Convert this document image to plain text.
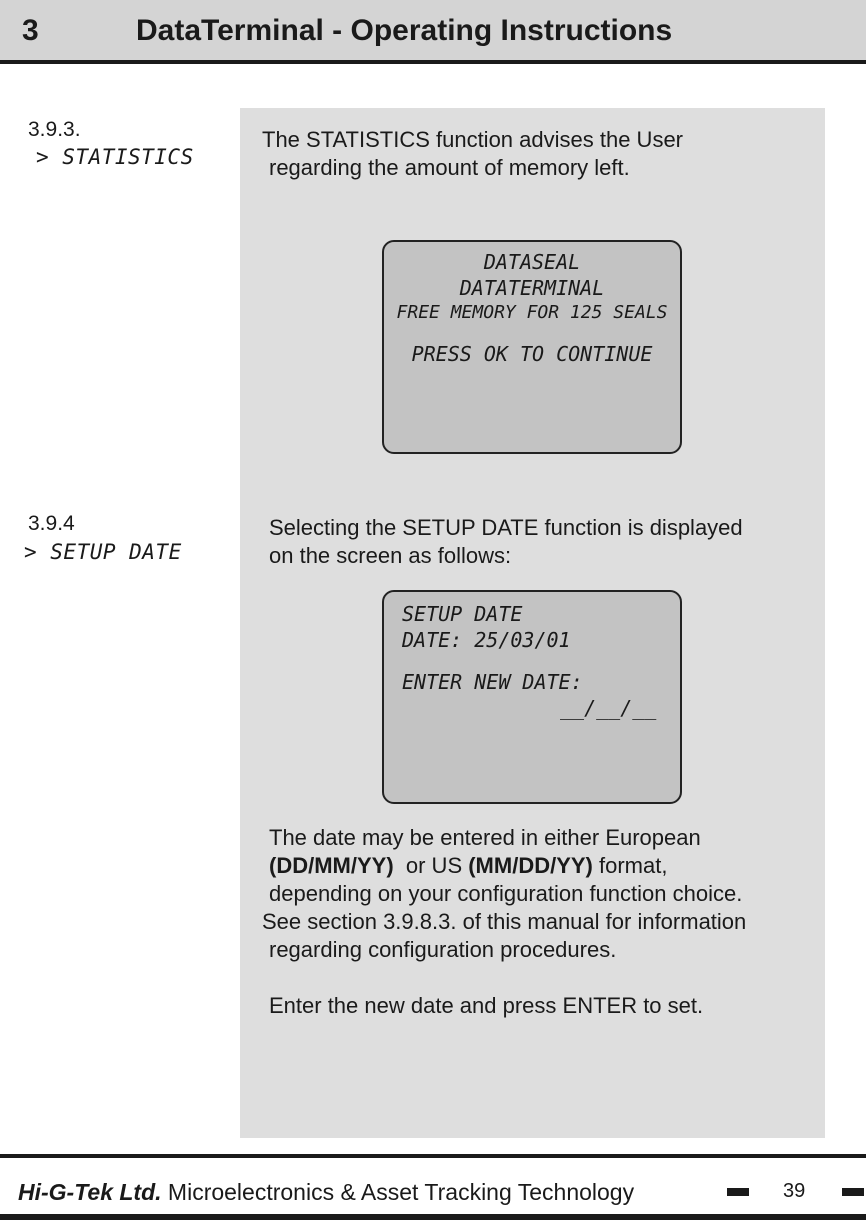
3	DataTerminal - Operating Instructions
3.9.3.
> STATISTICS
3.9.4
> SETUP DATE
The STATISTICS function advises the User
regarding the amount of memory left.
DATASEAL
DATATERMINAL
FREE MEMORY FOR 125 SEALS
PRESS OK TO CONTINUE
Selecting the SETUP DATE function is displayed
on the screen as follows:
SETUP DATE
DATE: 25/03/01
ENTER NEW DATE:
__/__/__
The date may be entered in either European
(DD/MM/YY)  or US (MM/DD/YY) format,
depending on your configuration function choice.
See section 3.9.8.3. of this manual for information
regarding configuration procedures.
Enter the new date and press ENTER to set.
Hi-G-Tek Ltd. Microelectronics & Asset Tracking Technology	39
